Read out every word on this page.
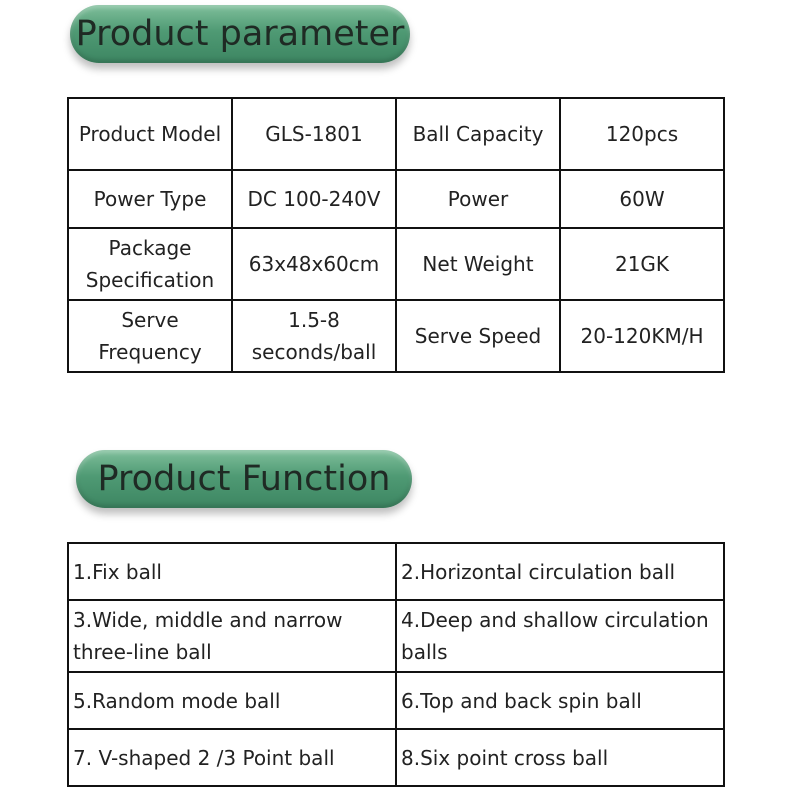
Product parameter
Product Model	GLS-1801	Ball Capacity	120pcs
Power Type	DC 100-240V	Power	60W
Package Specification	63x48x60cm	Net Weight	21GK
Serve Frequency	1.5-8 seconds/ball	Serve Speed	20-120KM/H
Product Function
1.Fix ball	2.Horizontal circulation ball
3.Wide, middle and narrow three-line ball	4.Deep and shallow circulation balls
5.Random mode ball	6.Top and back spin ball
7. V-shaped 2 /3 Point ball	8.Six point cross ball
